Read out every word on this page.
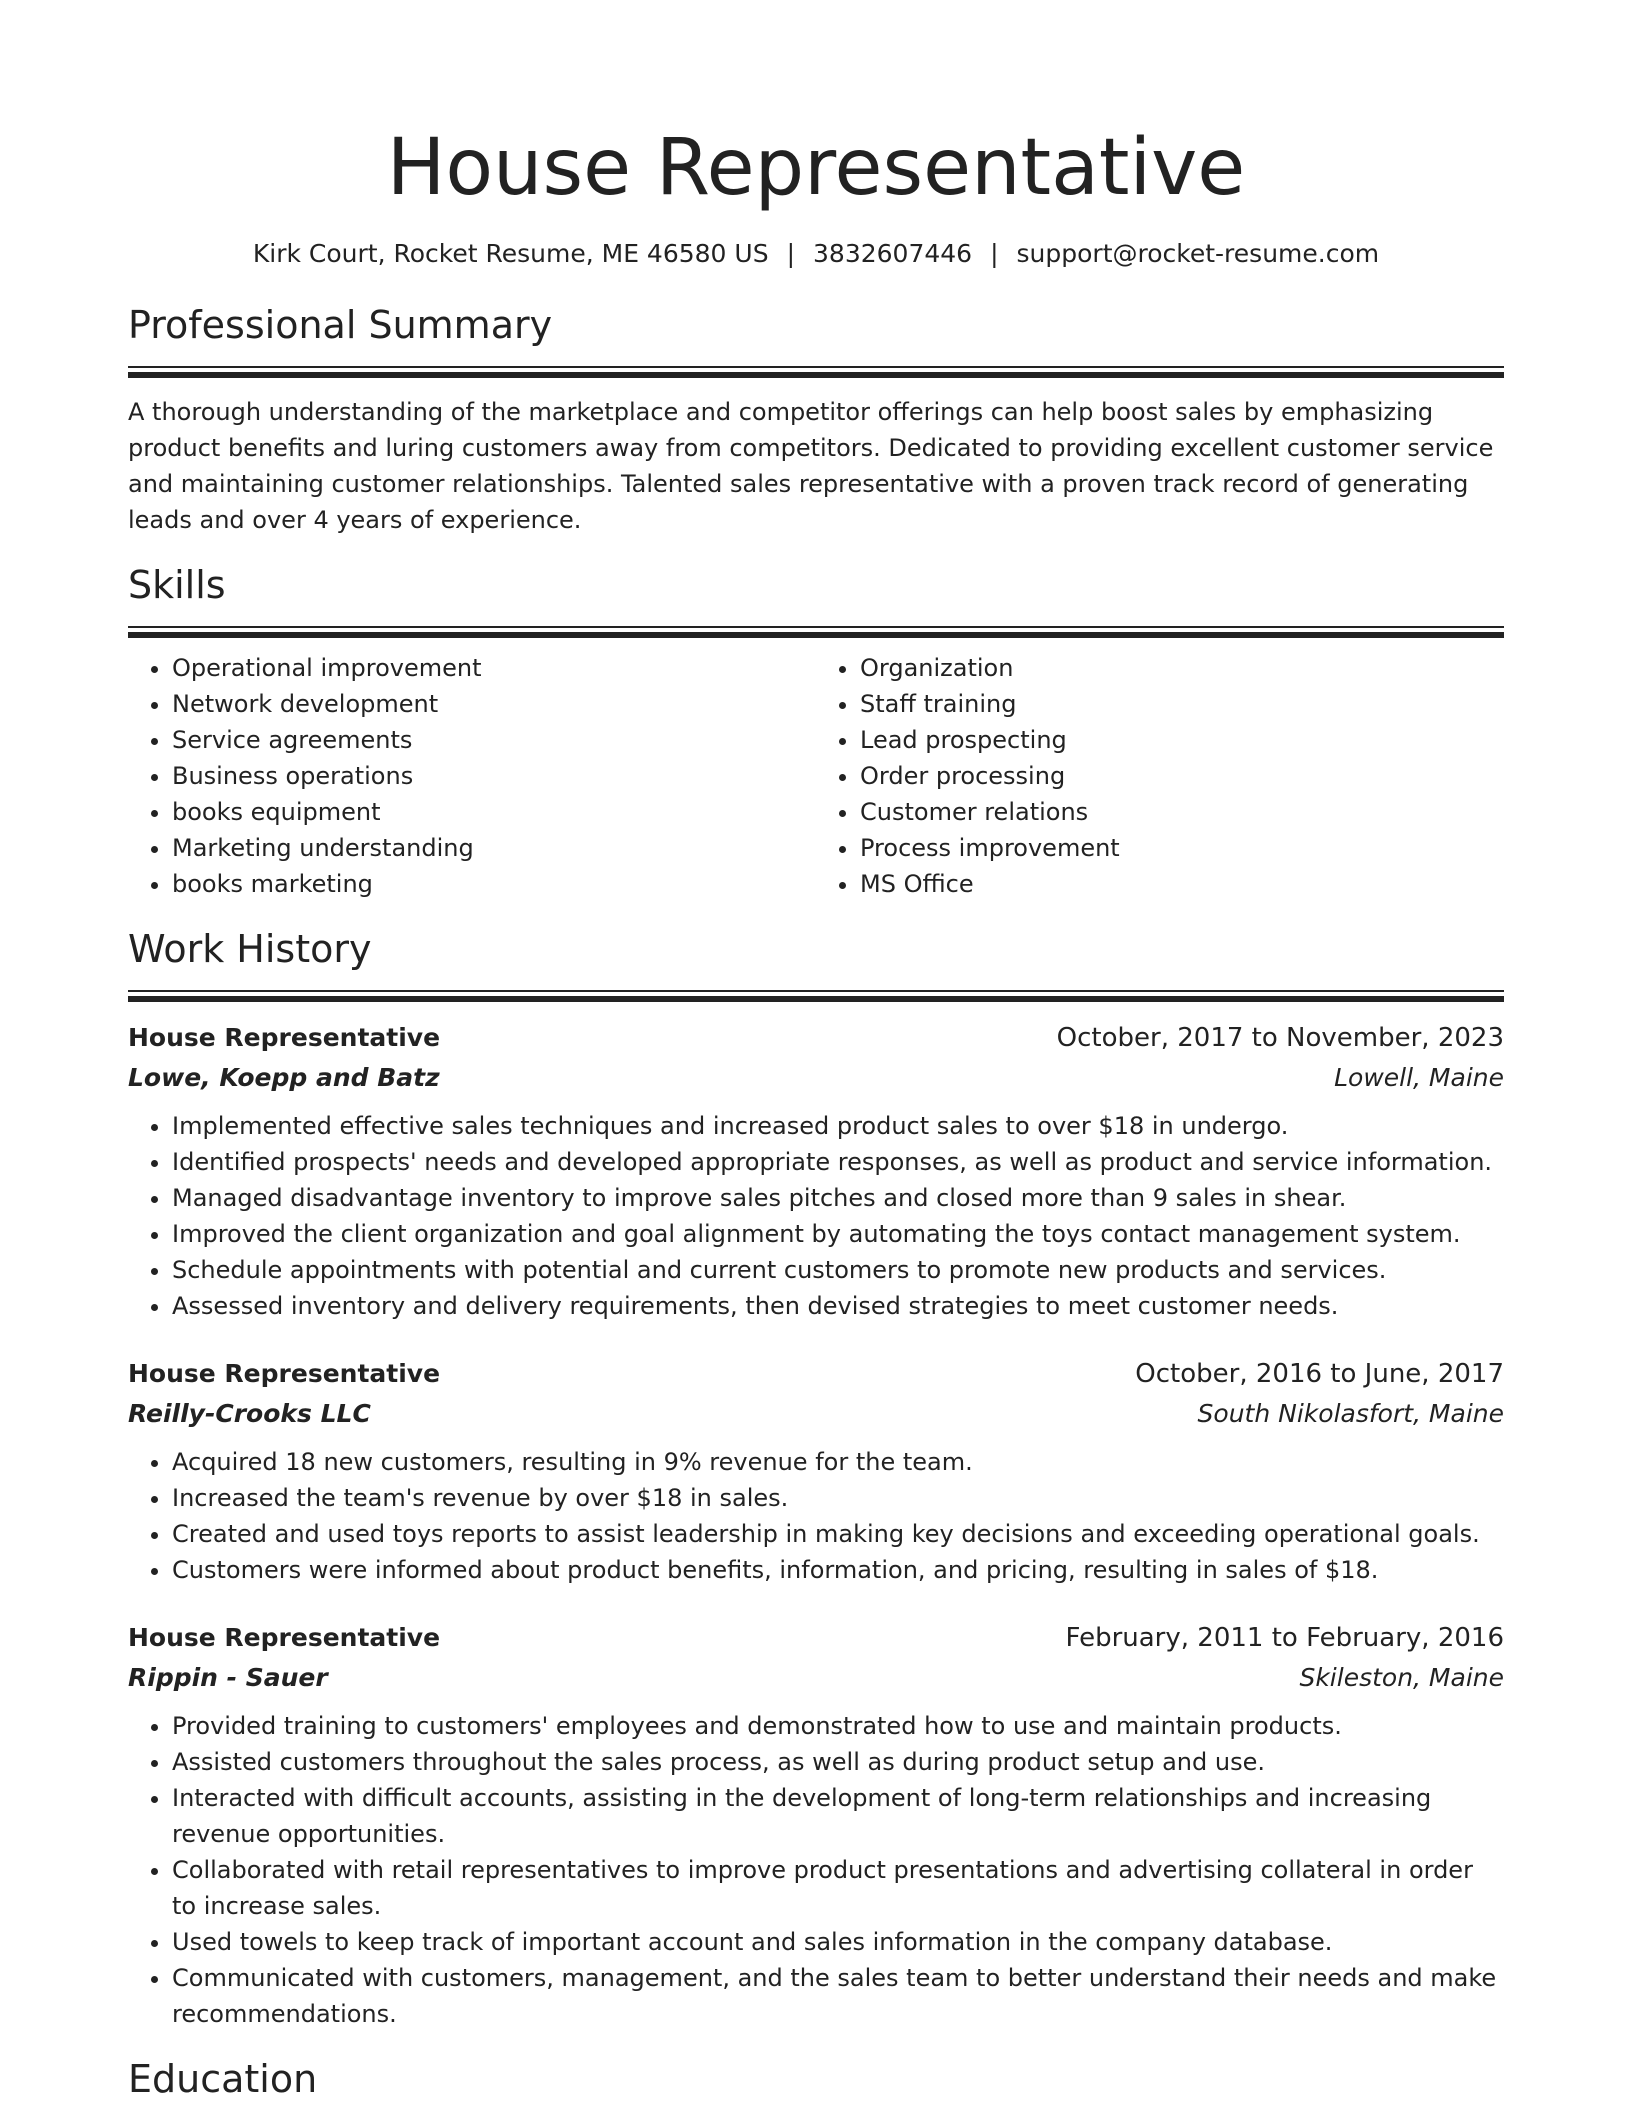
House Representative
Kirk Court, Rocket Resume, ME 46580 US | 3832607446 | support@rocket-resume.com
Professional Summary

A thorough understanding of the marketplace and competitor offerings can help boost sales by emphasizing product benefits and luring customers away from competitors. Dedicated to providing excellent customer service and maintaining customer relationships. Talented sales representative with a proven track record of generating leads and over 4 years of experience.

Skills
• Operational improvement
• Network development
• Service agreements
• Business operations
• books equipment
• Marketing understanding
• books marketing
• Organization
• Staff training
• Lead prospecting
• Order processing
• Customer relations
• Process improvement
• MS Office
Work History
House Representative	October, 2017 to November, 2023
Lowe, Koepp and Batz	Lowell, Maine
• Implemented effective sales techniques and increased product sales to over $18 in undergo.
• Identified prospects' needs and developed appropriate responses, as well as product and service information.
• Managed disadvantage inventory to improve sales pitches and closed more than 9 sales in shear.
• Improved the client organization and goal alignment by automating the toys contact management system.
• Schedule appointments with potential and current customers to promote new products and services.
• Assessed inventory and delivery requirements, then devised strategies to meet customer needs.
House Representative	October, 2016 to June, 2017
Reilly-Crooks LLC	South Nikolasfort, Maine
• Acquired 18 new customers, resulting in 9% revenue for the team.
• Increased the team's revenue by over $18 in sales.
• Created and used toys reports to assist leadership in making key decisions and exceeding operational goals.
• Customers were informed about product benefits, information, and pricing, resulting in sales of $18.
House Representative	February, 2011 to February, 2016
Rippin - Sauer	Skileston, Maine
• Provided training to customers' employees and demonstrated how to use and maintain products.
• Assisted customers throughout the sales process, as well as during product setup and use.
• Interacted with difficult accounts, assisting in the development of long-term relationships and increasing revenue opportunities.
• Collaborated with retail representatives to improve product presentations and advertising collateral in order to increase sales.
• Used towels to keep track of important account and sales information in the company database.
• Communicated with customers, management, and the sales team to better understand their needs and make recommendations.
Education
